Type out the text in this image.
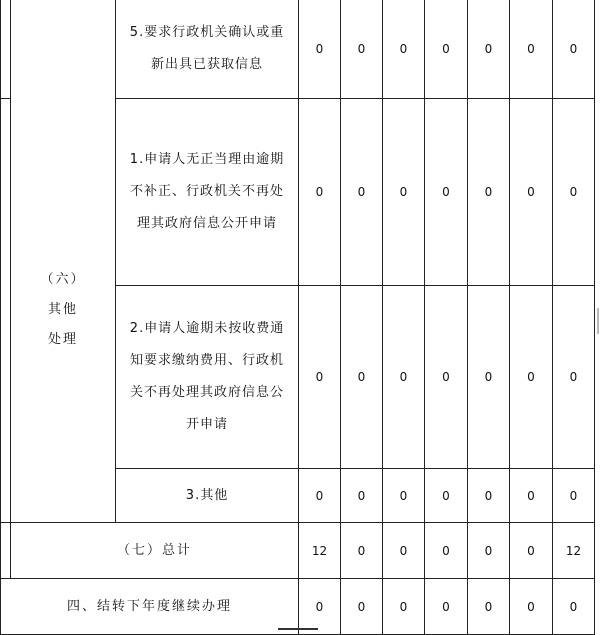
		5.要求行政机关确认或重新出具已获取信息	0	0	0	0	0	0	0

	（六）
其他
处理	1.申请人无正当理由逾期不补正、行政机关不再处理其政府信息公开申请	0	0	0	0	0	0	0
		2.申请人逾期未按收费通知要求缴纳费用、行政机关不再处理其政府信息公开申请	0	0	0	0	0	0	0
		3.其他	0	0	0	0	0	0	0
	（七）总计		12	0	0	0	0	0	12
四、结转下年度继续办理			0	0	0	0	0	0	0
